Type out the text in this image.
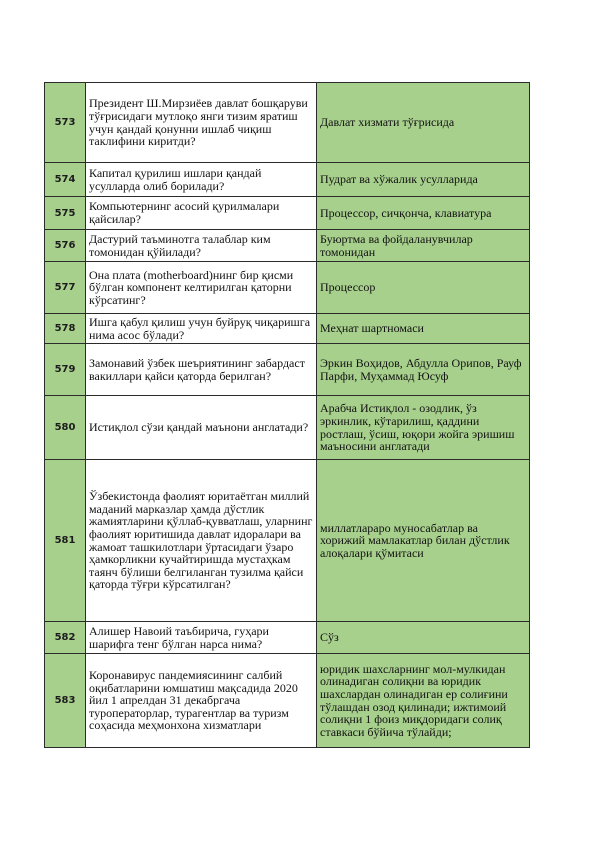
573	Президент Ш.Мирзиёев давлат бошқаруви тўғрисидаги мутлоқо янги тизим яратиш учун қандай қонунни ишлаб чиқиш таклифини киритди?	Давлат хизмати тўғрисида
574	Капитал қурилиш ишлари қандай усулларда олиб борилади?	Пудрат ва хўжалик усулларида
575	Компьютернинг асосий қурилмалари қайсилар?	Процессор, сичқонча, клавиатура
576	Дастурий таъминотга талаблар ким томонидан қўйилади?	Буюртма ва фойдаланувчилар томонидан
577	Она плата (motherboard)нинг бир қисми бўлган компонент келтирилган қаторни кўрсатинг?	Процессор
578	Ишга қабул қилиш учун буйруқ чиқаришга нима асос бўлади?	Меҳнат шартномаси
579	Замонавий ўзбек шеъриятининг забардаст вакиллари қайси қаторда берилган?	Эркин Воҳидов, Абдулла Орипов, Рауф Парфи, Муҳаммад Юсуф
580	Истиқлол сўзи қандай маънони англатади?	Арабча Истиқлол - озодлик, ўз эркинлик, кўтарилиш, қаддини ростлаш, ўсиш, юқори жойга эришиш маъносини англатади
581	Ўзбекистонда фаолият юритаётган миллий маданий марказлар ҳамда дўстлик жамиятларини қўллаб-қувватлаш, уларнинг фаолият юритишида давлат идоралари ва жамоат ташкилотлари ўртасидаги ўзаро ҳамкорликни кучайтиришда мустаҳкам таянч бўлиши белгиланган тузилма қайси қаторда тўғри кўрсатилган?	миллатлараро муносабатлар ва хорижий мамлакатлар билан дўстлик алоқалари қўмитаси
582	Алишер Навоий таъбирича, гуҳари шарифга тенг бўлган нарса нима?	Сўз
583	Коронавирус пандемиясининг салбий оқибатларини юмшатиш мақсадида 2020 йил 1 апрелдан 31 декабргача туроператорлар, турагентлар ва туризм соҳасида меҳмонхона хизматлари	юридик шахсларнинг мол-мулкидан олинадиган солиқни ва юридик шахслардан олинадиган ер солиғини тўлашдан озод қилинади; ижтимоий солиқни 1 фоиз миқдоридаги солиқ ставкаси бўйича тўлайди;
